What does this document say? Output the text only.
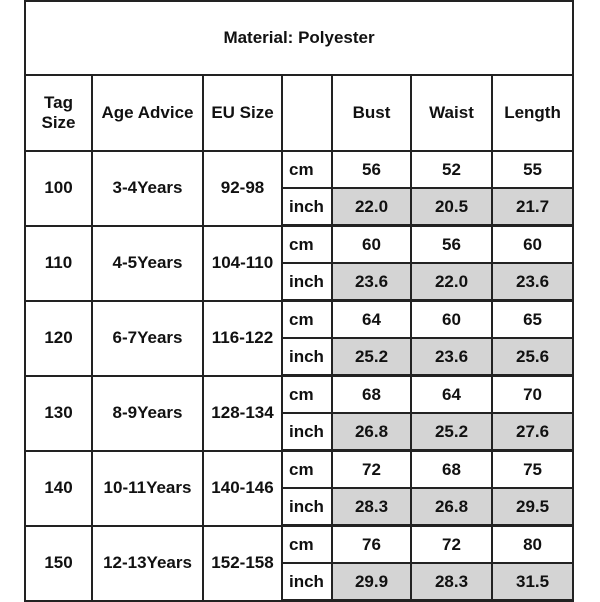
Material: Polyester						
Tag Size	Age Advice	EU Size		Bust	Waist	Length
100	3-4Years	92-98	cm	56	52	55
			inch	22.0	20.5	21.7
110	4-5Years	104-110	cm	60	56	60
			inch	23.6	22.0	23.6
120	6-7Years	116-122	cm	64	60	65
			inch	25.2	23.6	25.6
130	8-9Years	128-134	cm	68	64	70
			inch	26.8	25.2	27.6
140	10-11Years	140-146	cm	72	68	75
			inch	28.3	26.8	29.5
150	12-13Years	152-158	cm	76	72	80
			inch	29.9	28.3	31.5
